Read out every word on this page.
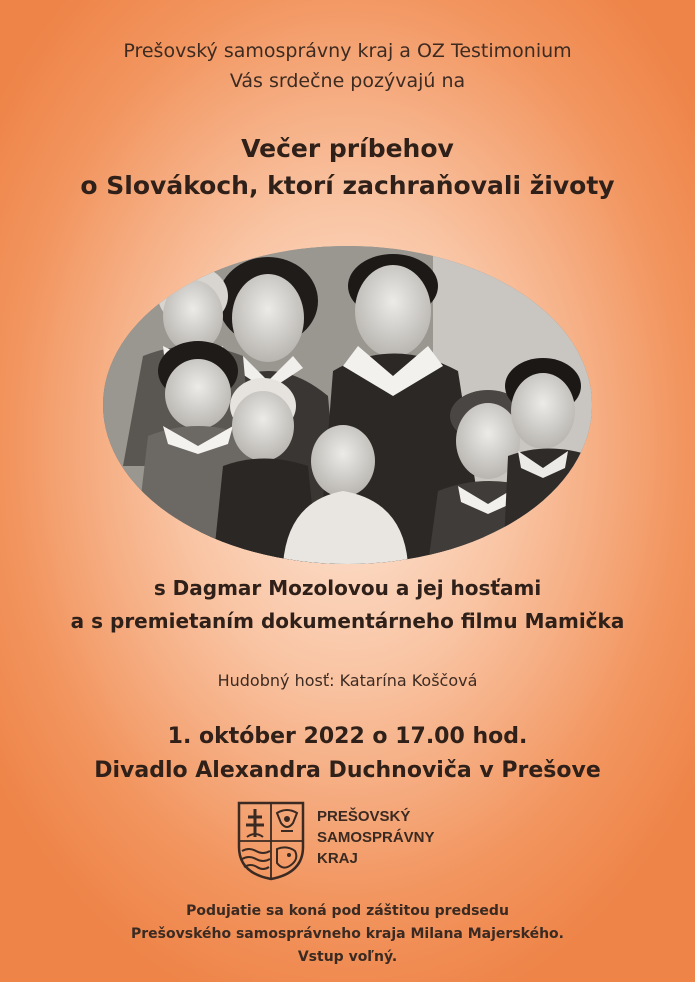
Prešovský samosprávny kraj a OZ Testimonium
Vás srdečne pozývajú na
Večer príbehov
o Slovákoch, ktorí zachraňovali životy
s Dagmar Mozolovou a jej hosťami
a s premietaním dokumentárneho filmu Mamička
Hudobný hosť: Katarína Koščová
1. október 2022 o 17.00 hod.
Divadlo Alexandra Duchnoviča v Prešove
PREŠOVSKÝ
SAMOSPRÁVNY
KRAJ
Podujatie sa koná pod záštitou predsedu
Prešovského samosprávneho kraja Milana Majerského.
Vstup voľný.
